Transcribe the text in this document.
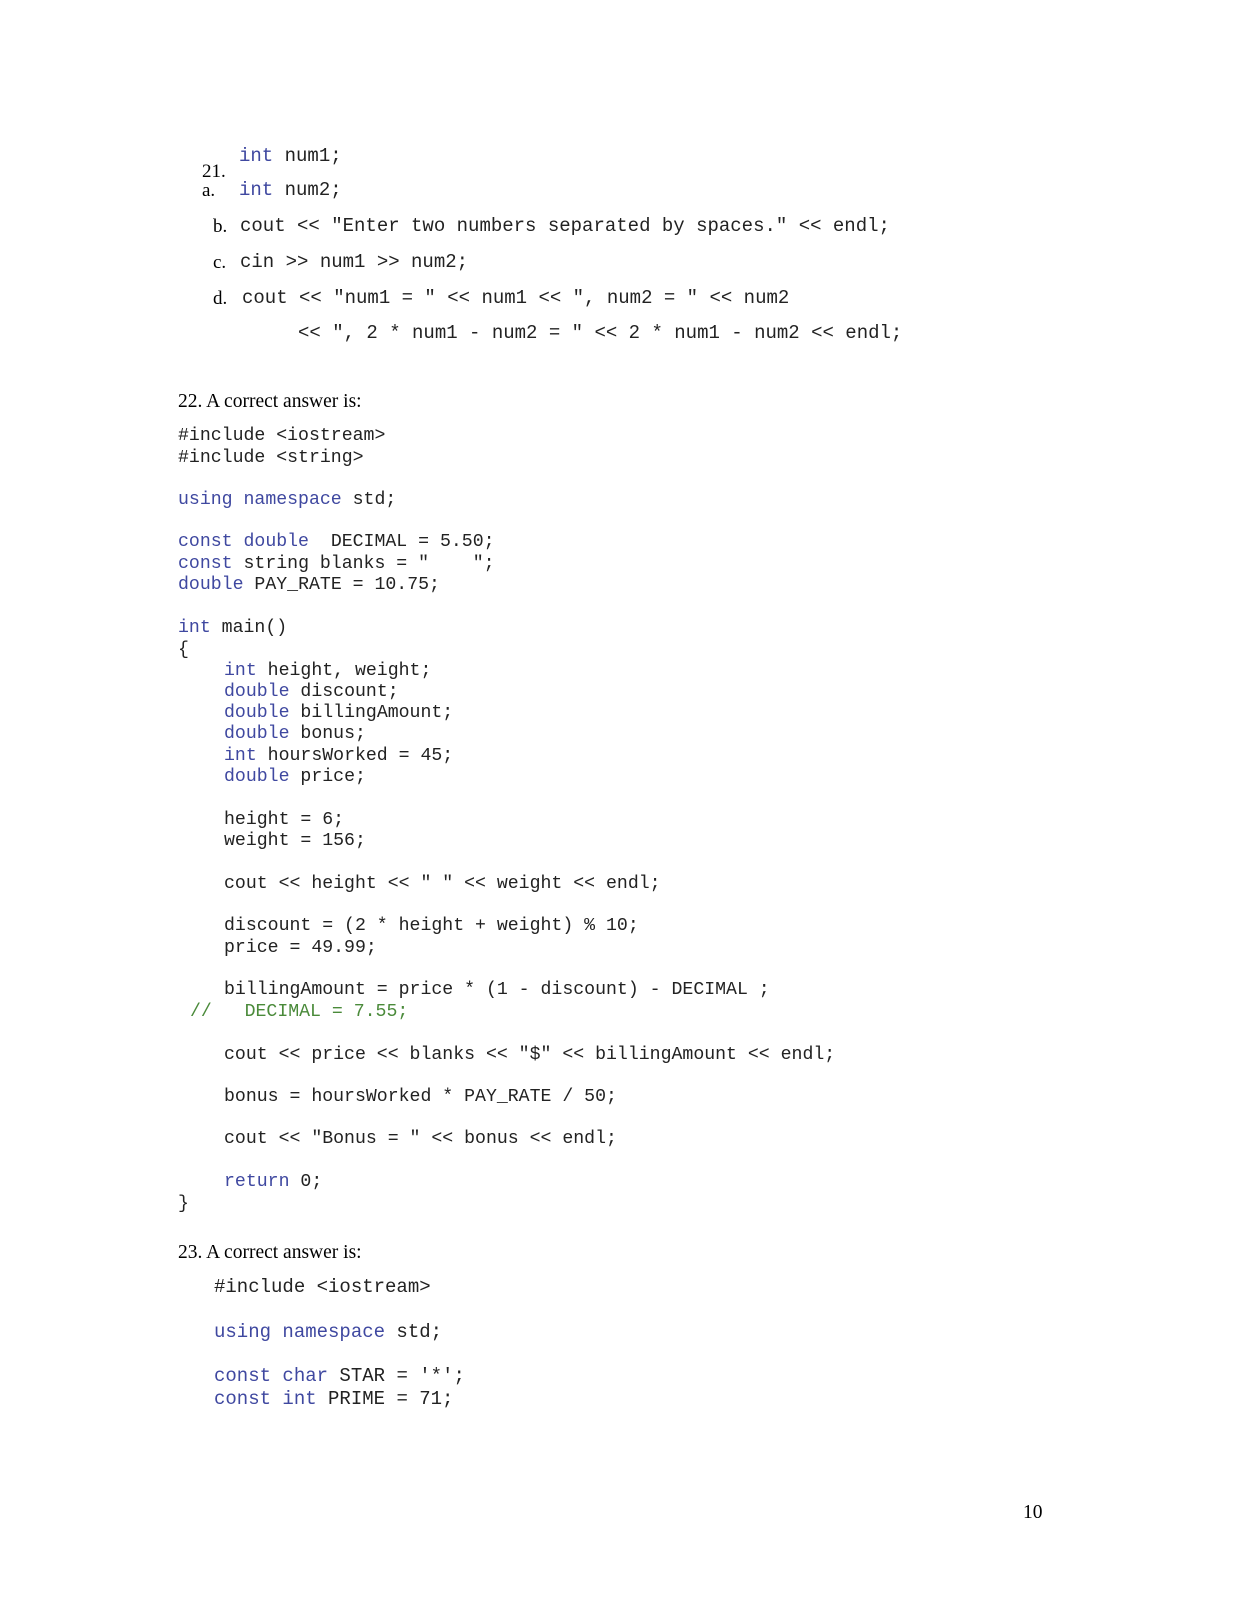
21.
a.

int num1;
int num2;
b. cout << "Enter two numbers separated by spaces." << endl;
c. cin >> num1 >> num2;
d. cout << "num1 = " << num1 << ", num2 = " << num2
<< ", 2 * num1 - num2 = " << 2 * num1 - num2 << endl;
22. A correct answer is:
#include <iostream>
#include <string>
using namespace std;
const double  DECIMAL = 5.50;
const string blanks = "    ";
double PAY_RATE = 10.75;
int main()
{
int height, weight;
double discount;
double billingAmount;
double bonus;
int hoursWorked = 45;
double price;
height = 6;
weight = 156;
cout << height << " " << weight << endl;
discount = (2 * height + weight) % 10;
price = 49.99;
billingAmount = price * (1 - discount) - DECIMAL ;
//   DECIMAL = 7.55;
cout << price << blanks << "$" << billingAmount << endl;
bonus = hoursWorked * PAY_RATE / 50;
cout << "Bonus = " << bonus << endl;
return 0;
}
23. A correct answer is:
#include <iostream>
using namespace std;
const char STAR = '*';
const int PRIME = 71;
10
